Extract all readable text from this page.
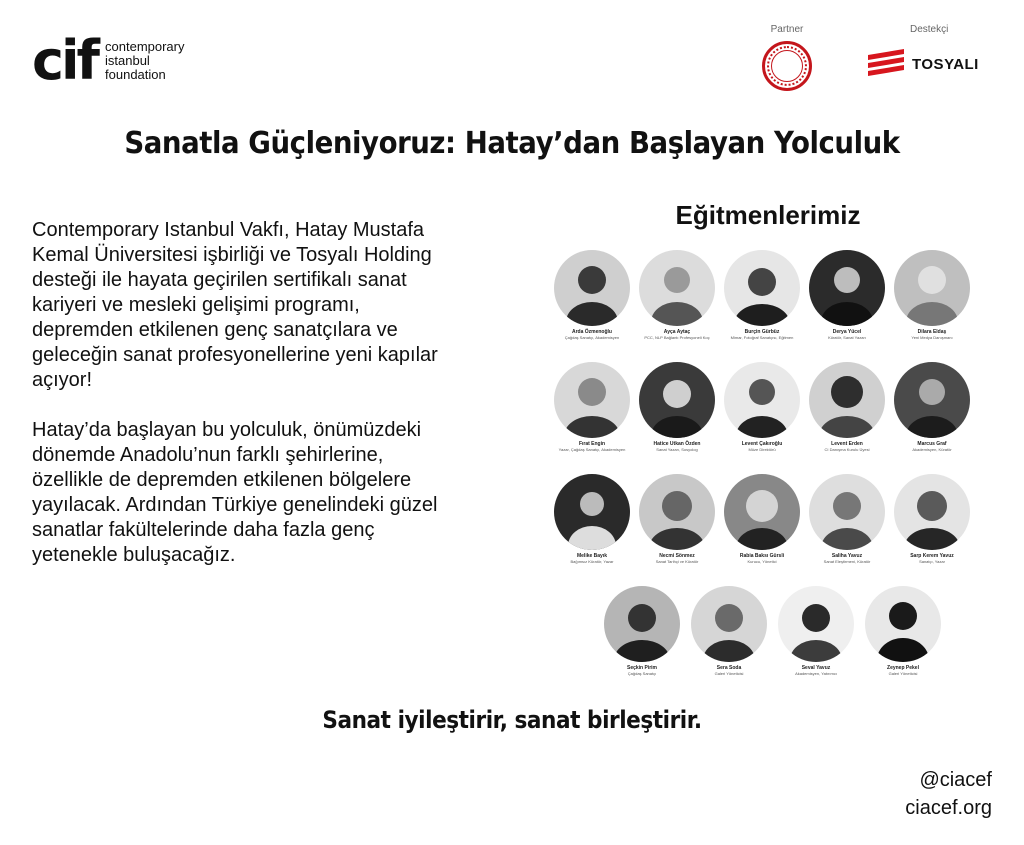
cif contemporary
istanbul
foundation
Partner	Destekçi
TOSYALI
Sanatla Güçleniyoruz: Hatay’dan Başlayan Yolculuk

Contemporary Istanbul Vakfı, Hatay Mustafa Kemal Üniversitesi işbirliği ve Tosyalı Holding desteği ile hayata geçirilen sertifikalı sanat kariyeri ve mesleki gelişimi programı, depremden etkilenen genç sanatçılara ve geleceğin sanat profesyonellerine yeni kapılar açıyor!

Hatay’da başlayan bu yolculuk, önümüzdeki dönemde Anadolu’nun farklı şehirlerine, özellikle de depremden etkilenen bölgelere yayılacak. Ardından Türkiye genelindeki güzel sanatlar fakültelerinde daha fazla genç yetenekle buluşacağız.

Eğitmenlerimiz
Arda Özmenoğlu
Çağdaş Sanatçı, Akademisyen
Ayça Aytaç
PCC, NLP Bağlantı Profesyoneli Koç
Burçin Gürbüz
Mimar, Fotoğraf Sanatçısı, Eğitmen
Derya Yücel
Küratör, Sanat Yazarı
Dilara Eldaş
Yeni Medya Danışmanı
Fırat Engin
Yazar, Çağdaş Sanatçı, Akademisyen
Hatice Utkan Özden
Sanat Yazarı, Sosyolog
Levent Çakıroğlu
Müze Direktörü
Levent Erden
CI Danışma Kurulu Üyesi
Marcus Graf
Akademisyen, Küratör
Melike Bayık
Bağımsız Küratör, Yazar
Necmi Sönmez
Sanat Tarihçi ve Küratör
Rabia Baksı Gürsli
Kurucu, Yönetici
Saliha Yavuz
Sanat Eleştirmeni, Küratör
Sarp Kerem Yavuz
Sanatçı, Yazar
Seçkin Pirim
Çağdaş Sanatçı
Sera Soda
Galeri Yöneticisi
Seval Yavuz
Akademisyen, Yatırımcı
Zeynep Pekel
Galeri Yöneticisi
Sanat iyileştirir, sanat birleştirir.
@ciacef
ciacef.org
